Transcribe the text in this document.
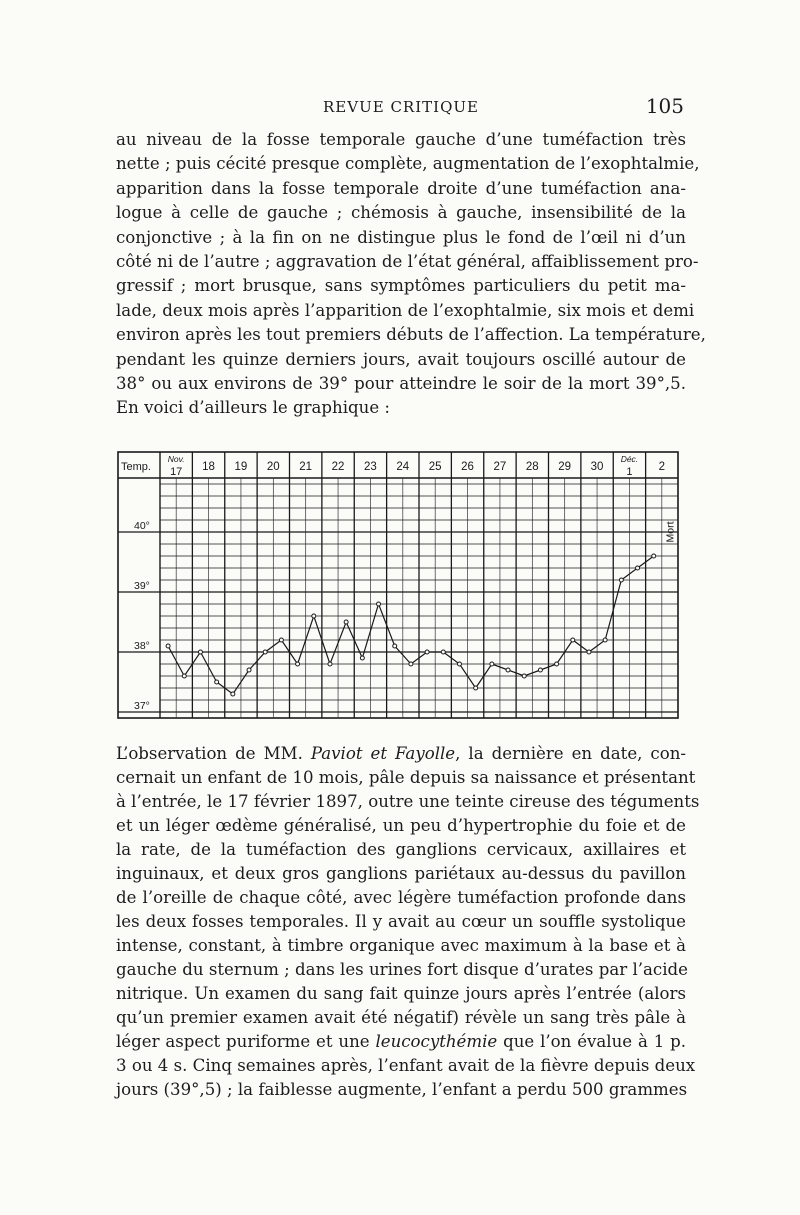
REVUE CRITIQUE	105

au niveau de la fosse temporale gauche d’une tuméfaction très
nette ; puis cécité presque complète, augmentation de l’exophtalmie,
apparition dans la fosse temporale droite d’une tuméfaction ana-
logue à celle de gauche ; chémosis à gauche, insensibilité de la
conjonctive ; à la fin on ne distingue plus le fond de l’œil ni d’un
côté ni de l’autre ; aggravation de l’état général, affaiblissement pro-
gressif ; mort brusque, sans symptômes particuliers du petit ma-
lade, deux mois après l’apparition de l’exophtalmie, six mois et demi
environ après les tout premiers débuts de l’affection. La température,
pendant les quinze derniers jours, avait toujours oscillé autour de
38° ou aux environs de 39° pour atteindre le soir de la mort 39°,5.
En voici d’ailleurs le graphique :

Temp.
Nov.
17 18 19 20 21 22 23 24 25 26 27 28 29 30
Déc.
1 2
40°
39°
38°
37°
Mort

L’observation de MM. Paviot et Fayolle, la dernière en date, con-
cernait un enfant de 10 mois, pâle depuis sa naissance et présentant
à l’entrée, le 17 février 1897, outre une teinte cireuse des téguments
et un léger œdème généralisé, un peu d’hypertrophie du foie et de
la rate, de la tuméfaction des ganglions cervicaux, axillaires et
inguinaux, et deux gros ganglions pariétaux au-dessus du pavillon
de l’oreille de chaque côté, avec légère tuméfaction profonde dans
les deux fosses temporales. Il y avait au cœur un souffle systolique
intense, constant, à timbre organique avec maximum à la base et à
gauche du sternum ; dans les urines fort disque d’urates par l’acide
nitrique. Un examen du sang fait quinze jours après l’entrée (alors
qu’un premier examen avait été négatif) révèle un sang très pâle à
léger aspect puriforme et une leucocythémie que l’on évalue à 1 p.
3 ou 4 s. Cinq semaines après, l’enfant avait de la fièvre depuis deux
jours (39°,5) ; la faiblesse augmente, l’enfant a perdu 500 grammes
